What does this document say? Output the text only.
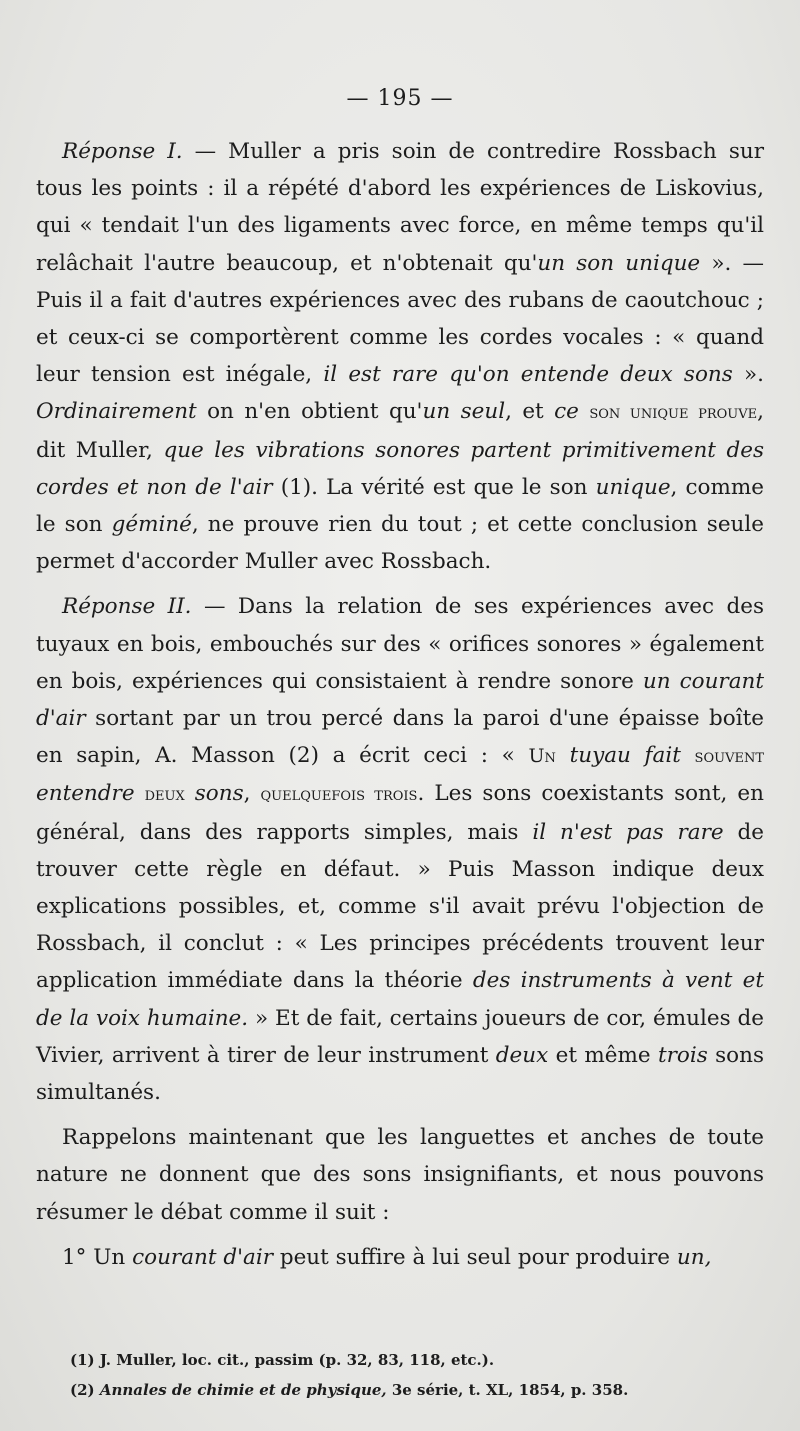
— 195 —

Réponse I. — Muller a pris soin de contredire Rossbach sur tous les points : il a répété d'abord les expériences de Liskovius, qui « tendait l'un des ligaments avec force, en même temps qu'il relâchait l'autre beaucoup, et n'obtenait qu'un son unique ». — Puis il a fait d'autres expériences avec des rubans de caoutchouc ; et ceux-ci se comportèrent comme les cordes vocales : « quand leur tension est inégale, il est rare qu'on entende deux sons ». Ordinairement on n'en obtient qu'un seul, et ce son unique prouve, dit Muller, que les vibrations sonores partent primitivement des cordes et non de l'air (1). La vérité est que le son unique, comme le son géminé, ne prouve rien du tout ; et cette conclusion seule permet d'accorder Muller avec Rossbach.

Réponse II. — Dans la relation de ses expériences avec des tuyaux en bois, embouchés sur des « orifices sonores » également en bois, expériences qui consistaient à rendre sonore un courant d'air sortant par un trou percé dans la paroi d'une épaisse boîte en sapin, A. Masson (2) a écrit ceci : « Un tuyau fait souvent entendre deux sons, quelquefois trois. Les sons coexistants sont, en général, dans des rapports simples, mais il n'est pas rare de trouver cette règle en défaut. » Puis Masson indique deux explications possibles, et, comme s'il avait prévu l'objection de Rossbach, il conclut : « Les principes précédents trouvent leur application immédiate dans la théorie des instruments à vent et de la voix humaine. » Et de fait, certains joueurs de cor, émules de Vivier, arrivent à tirer de leur instrument deux et même trois sons simultanés.

Rappelons maintenant que les languettes et anches de toute nature ne donnent que des sons insignifiants, et nous pouvons résumer le débat comme il suit :

1° Un courant d'air peut suffire à lui seul pour produire un,

(1) J. Muller, loc. cit., passim (p. 32, 83, 118, etc.).
(2) Annales de chimie et de physique, 3e série, t. XL, 1854, p. 358.
